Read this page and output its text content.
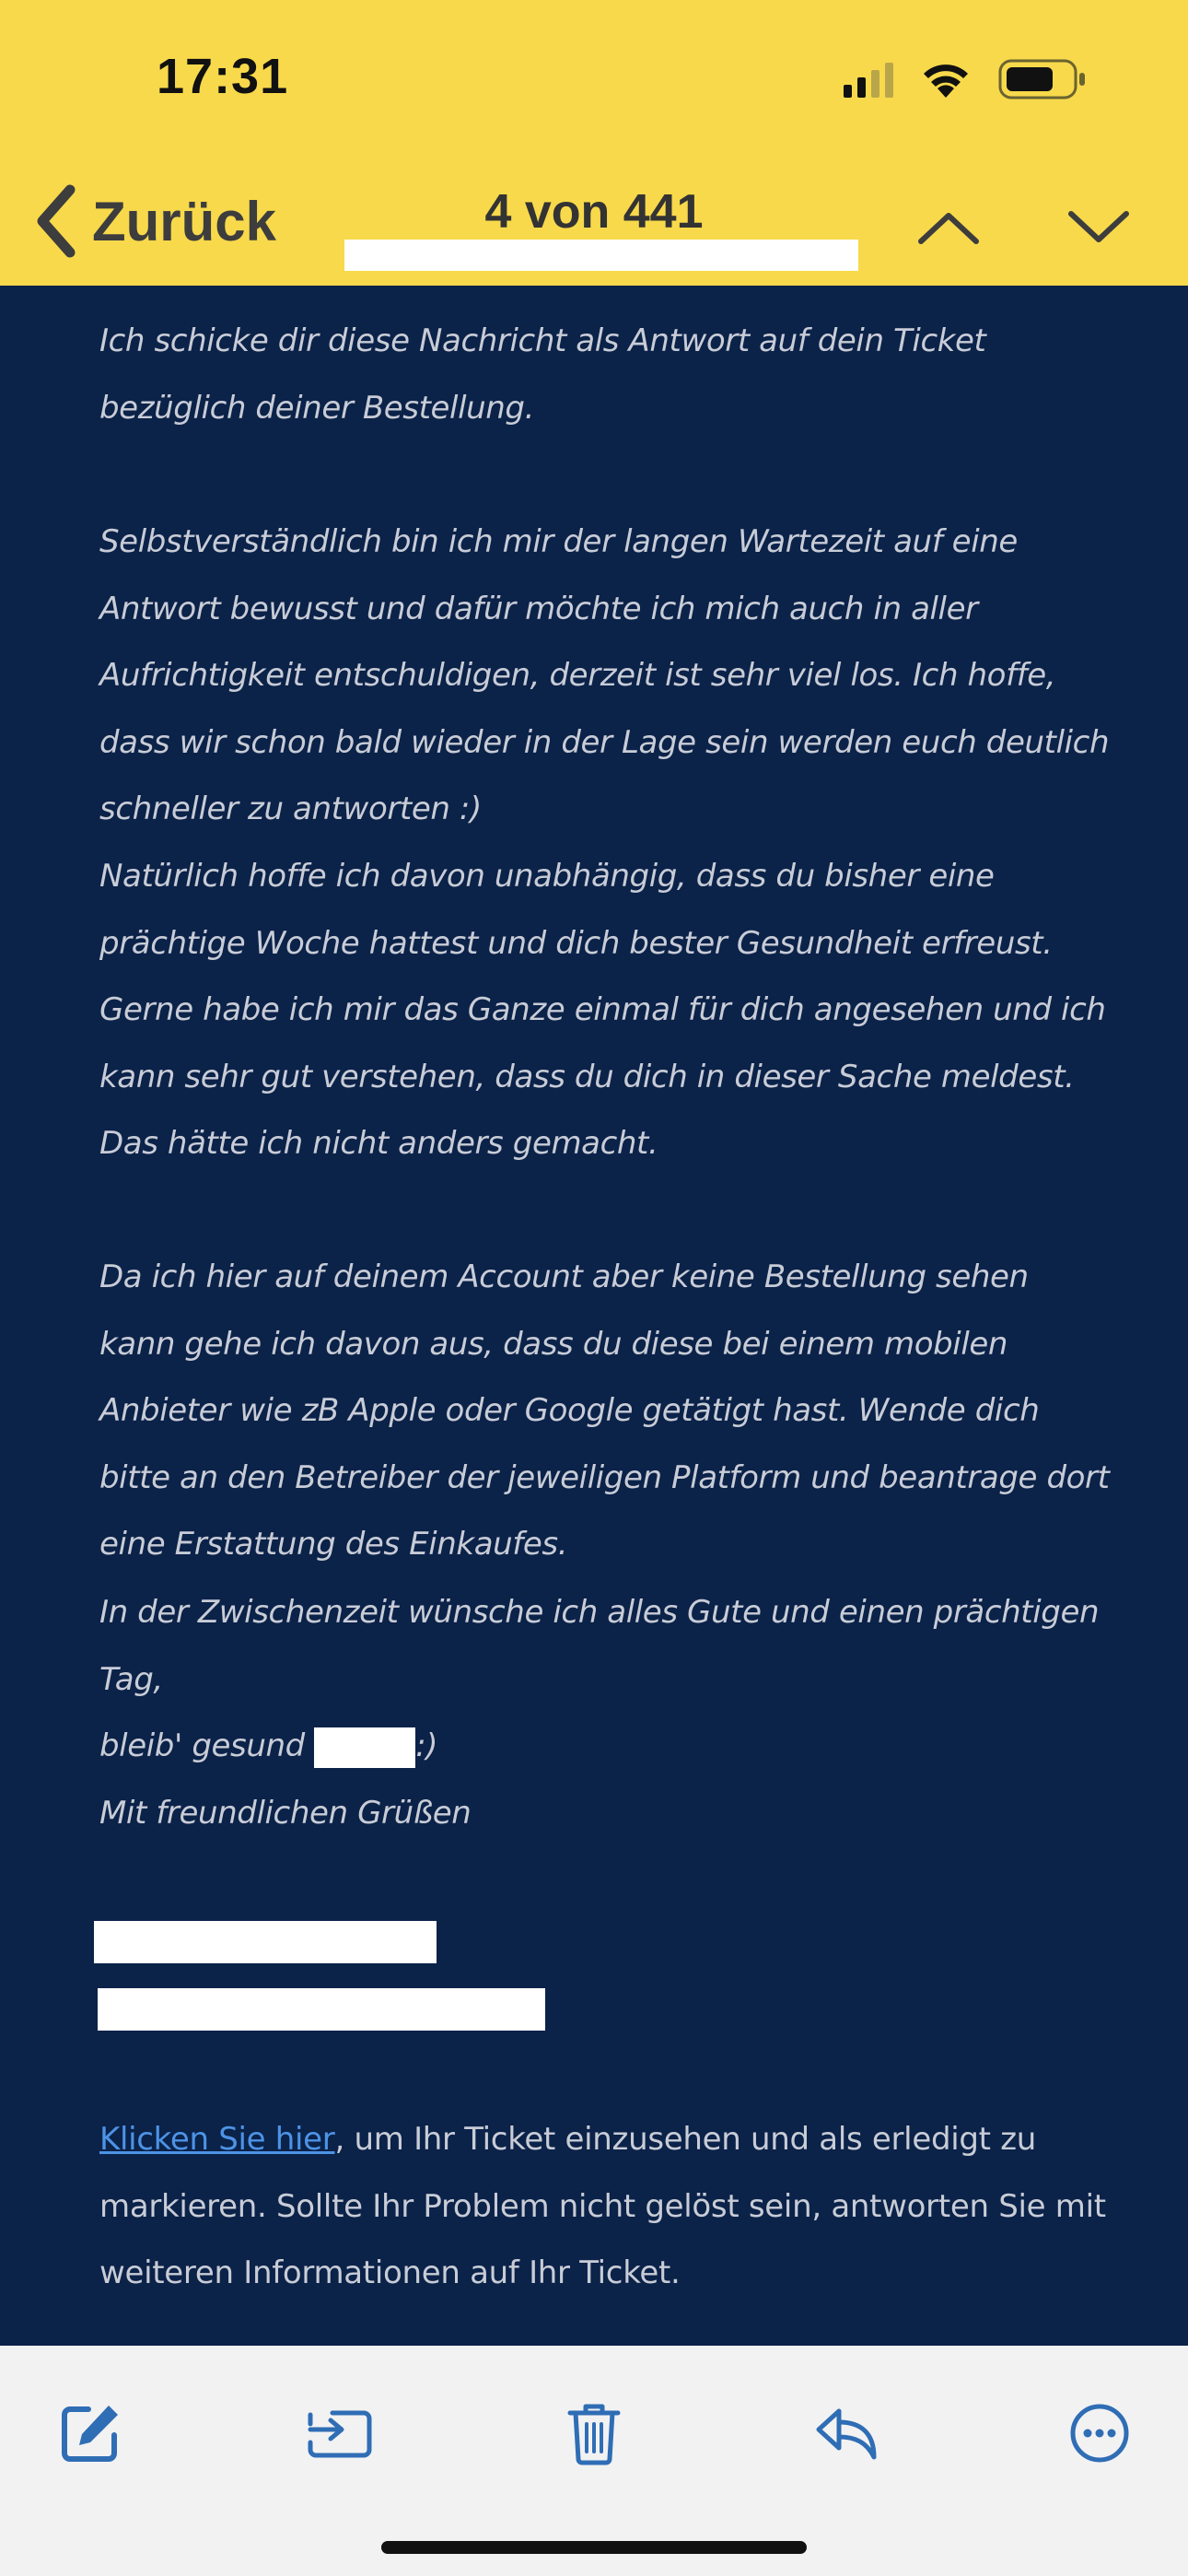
17:31
Zurück	4 von 441
Ich schicke dir diese Nachricht als Antwort auf dein Ticket bezüglich deiner Bestellung.
Selbstverständlich bin ich mir der langen Wartezeit auf eine Antwort bewusst und dafür möchte ich mich auch in aller Aufrichtigkeit entschuldigen, derzeit ist sehr viel los. Ich hoffe, dass wir schon bald wieder in der Lage sein werden euch deutlich schneller zu antworten :)
Natürlich hoffe ich davon unabhängig, dass du bisher eine prächtige Woche hattest und dich bester Gesundheit erfreust. Gerne habe ich mir das Ganze einmal für dich angesehen und ich kann sehr gut verstehen, dass du dich in dieser Sache meldest. Das hätte ich nicht anders gemacht.
Da ich hier auf deinem Account aber keine Bestellung sehen kann gehe ich davon aus, dass du diese bei einem mobilen Anbieter wie zB Apple oder Google getätigt hast. Wende dich bitte an den Betreiber der jeweiligen Platform und beantrage dort eine Erstattung des Einkaufes.
In der Zwischenzeit wünsche ich alles Gute und einen prächtigen Tag,
bleib' gesund	:)
Mit freundlichen Grüßen
Klicken Sie hier, um Ihr Ticket einzusehen und als erledigt zu markieren. Sollte Ihr Problem nicht gelöst sein, antworten Sie mit weiteren Informationen auf Ihr Ticket.
